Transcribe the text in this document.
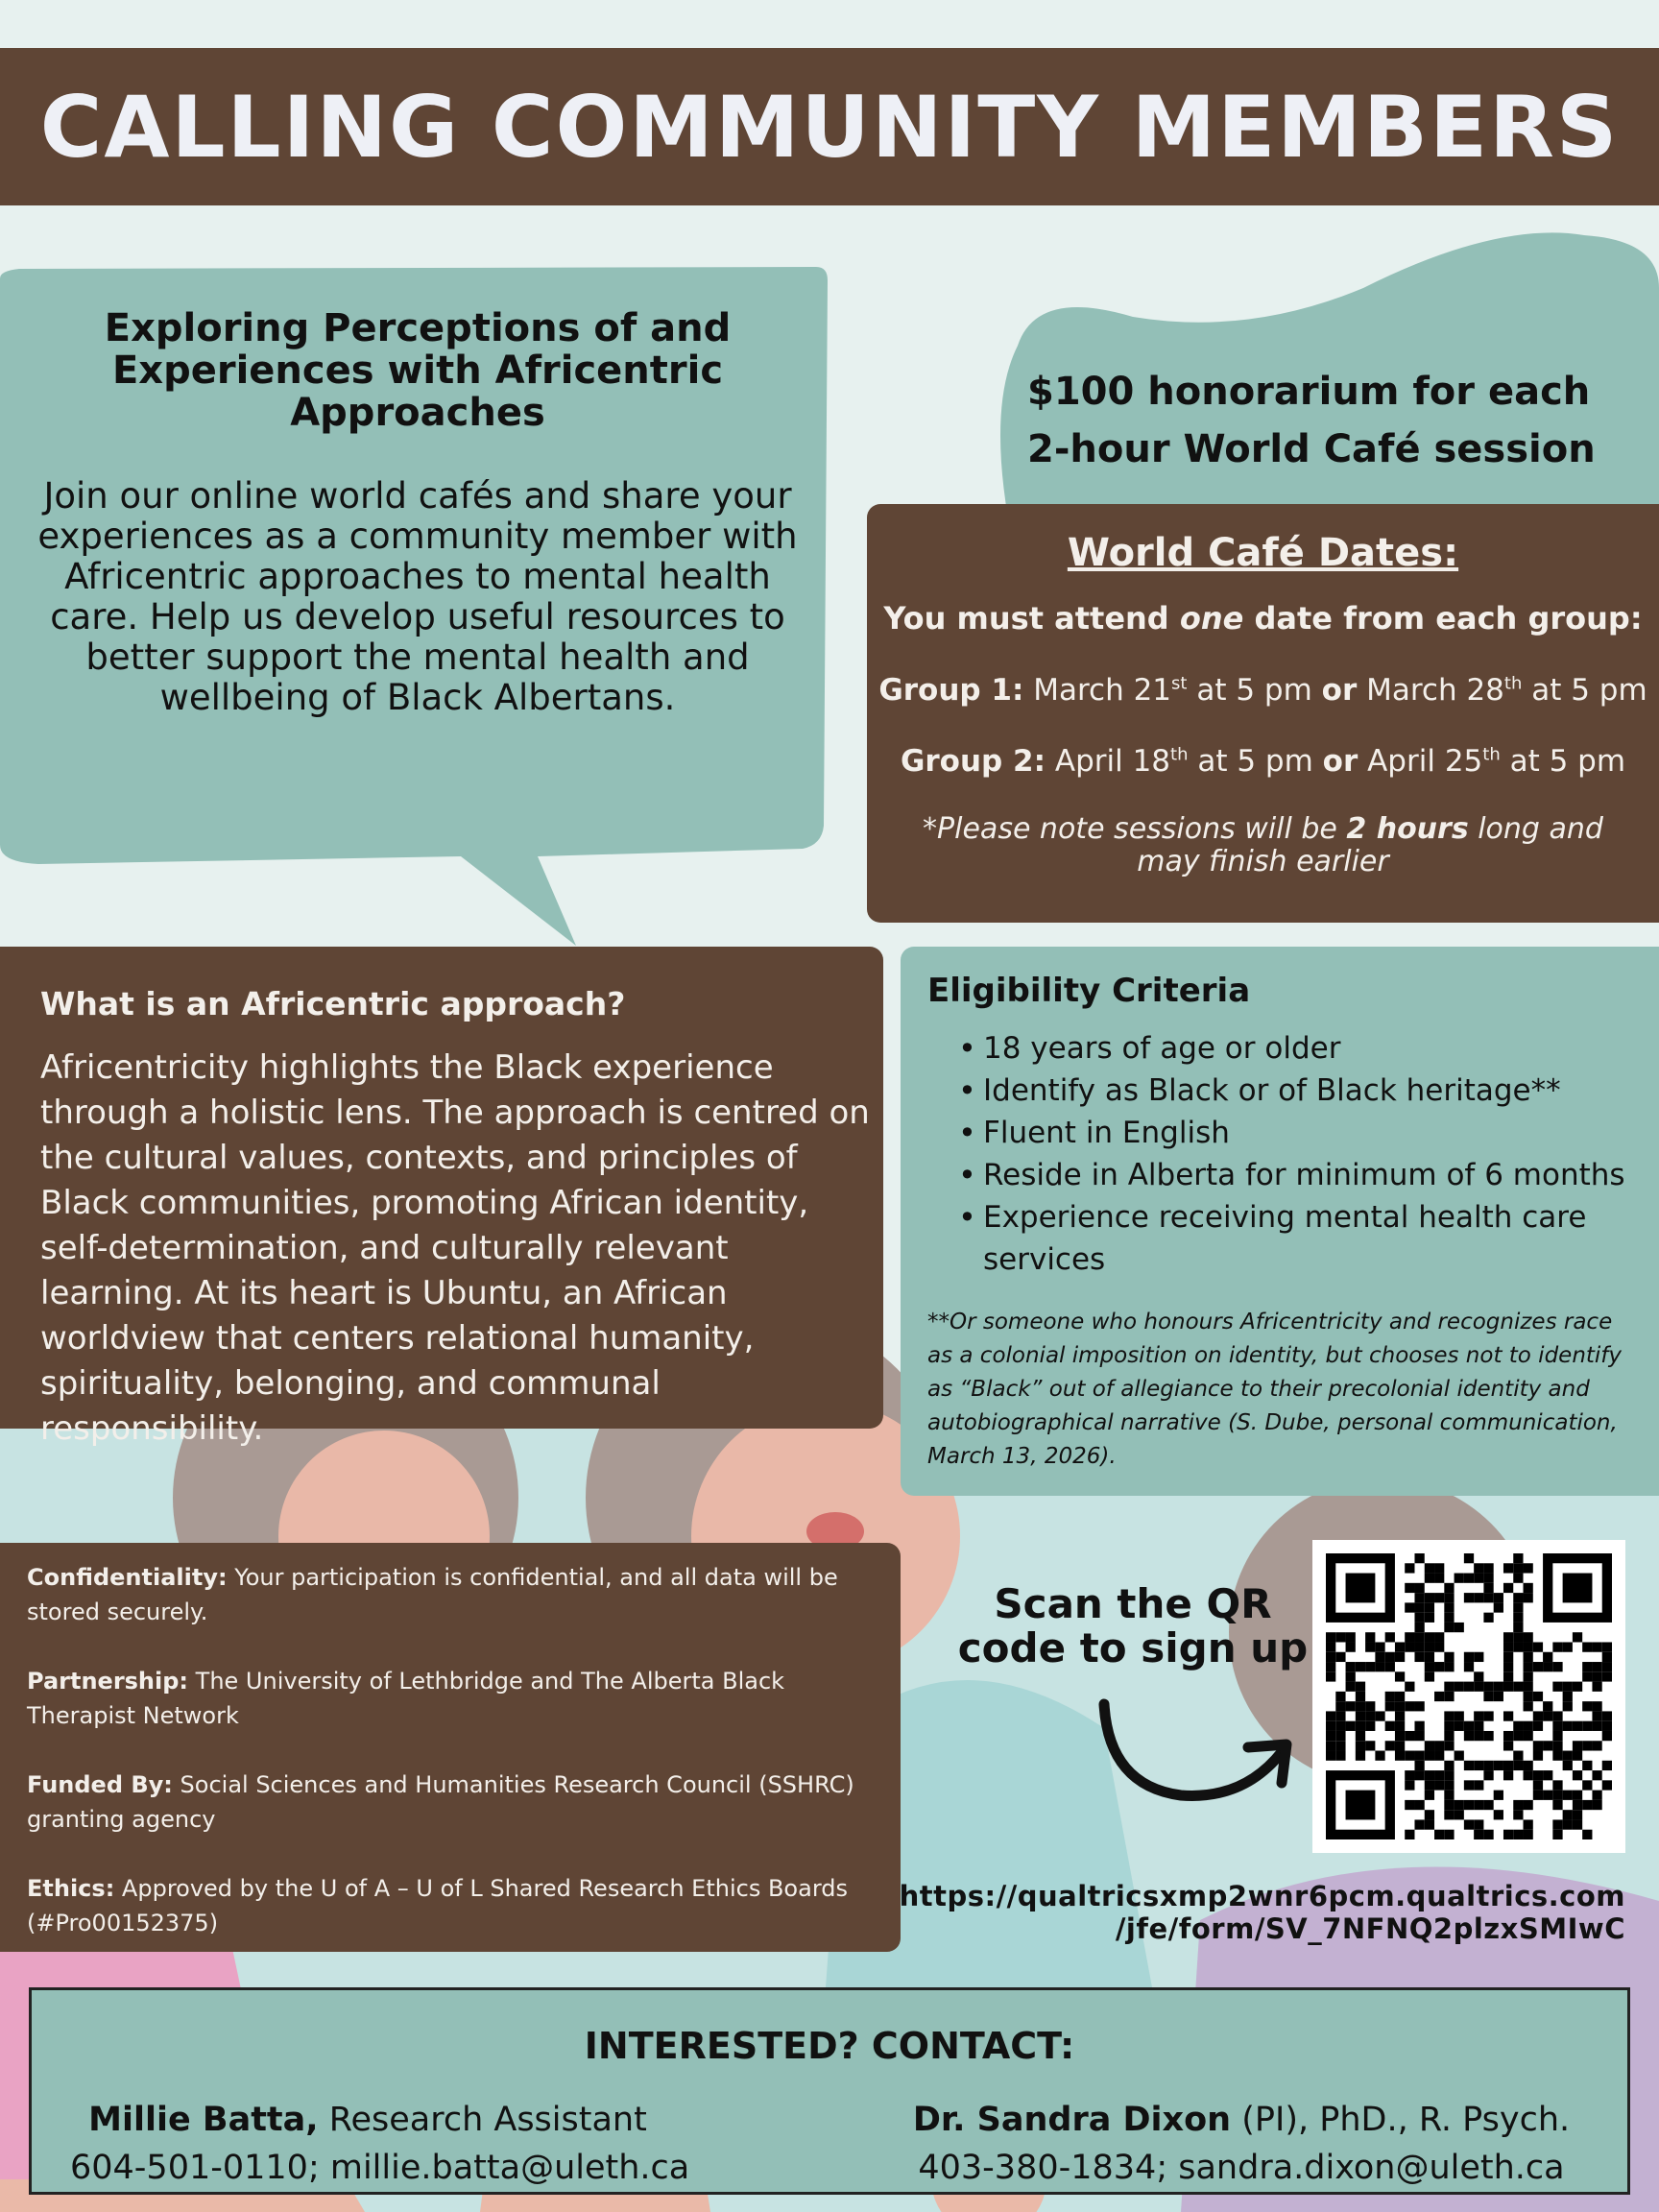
CALLING COMMUNITY MEMBERS
Exploring Perceptions of and Experiences with Africentric Approaches

Join our online world cafés and share your experiences as a community member with Africentric approaches to mental health care. Help us develop useful resources to better support the mental health and wellbeing of Black Albertans.

$100 honorarium for each
2-hour World Café session
World Café Dates:
You must attend one date from each group:
Group 1: March 21st at 5 pm or March 28th at 5 pm
Group 2: April 18th at 5 pm or April 25th at 5 pm
*Please note sessions will be 2 hours long and may finish earlier
What is an Africentric approach?

Africentricity highlights the Black experience through a holistic lens. The approach is centred on the cultural values, contexts, and principles of Black communities, promoting African identity, self-determination, and culturally relevant learning. At its heart is Ubuntu, an African worldview that centers relational humanity, spirituality, belonging, and communal responsibility.

Eligibility Criteria
• 18 years of age or older
• Identify as Black or of Black heritage**
• Fluent in English
• Reside in Alberta for minimum of 6 months
• Experience receiving mental health care services
**Or someone who honours Africentricity and recognizes race as a colonial imposition on identity, but chooses not to identify as “Black” out of allegiance to their precolonial identity and autobiographical narrative (S. Dube, personal communication, March 13, 2026).

Confidentiality: Your participation is confidential, and all data will be stored securely.

Partnership: The University of Lethbridge and The Alberta Black Therapist Network

Funded By: Social Sciences and Humanities Research Council (SSHRC) granting agency

Ethics: Approved by the U of A – U of L Shared Research Ethics Boards (#Pro00152375)

Scan the QR
code to sign up
https://qualtricsxmp2wnr6pcm.qualtrics.com
/jfe/form/SV_7NFNQ2plzxSMIwC
INTERESTED? CONTACT:
Millie Batta, Research Assistant
604-501-0110; millie.batta@uleth.ca
Dr. Sandra Dixon (PI), PhD., R. Psych.
403-380-1834; sandra.dixon@uleth.ca
